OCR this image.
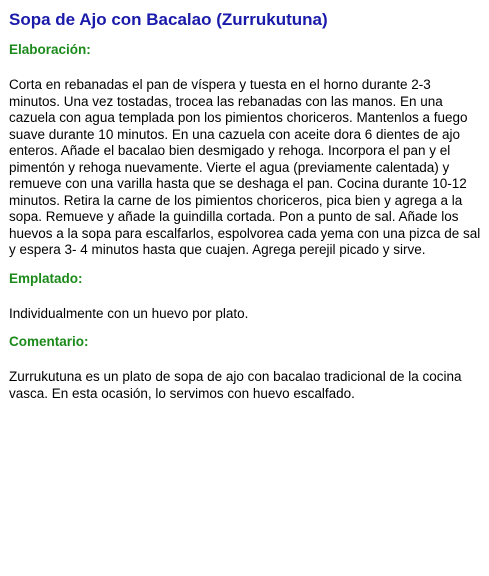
Sopa de Ajo con Bacalao (Zurrukutuna)
Elaboración:

Corta en rebanadas el pan de víspera y tuesta en el horno durante 2-3 minutos. Una vez tostadas, trocea las rebanadas con las manos. En una cazuela con agua templada pon los pimientos choriceros. Mantenlos a fuego suave durante 10 minutos. En una cazuela con aceite dora 6 dientes de ajo enteros. Añade el bacalao bien desmigado y rehoga. Incorpora el pan y el pimentón y rehoga nuevamente. Vierte el agua (previamente calentada) y remueve con una varilla hasta que se deshaga el pan. Cocina durante 10-12 minutos. Retira la carne de los pimientos choriceros, pica bien y agrega a la sopa. Remueve y añade la guindilla cortada. Pon a punto de sal. Añade los huevos a la sopa para escalfarlos, espolvorea cada yema con una pizca de sal y espera 3- 4 minutos hasta que cuajen. Agrega perejil picado y sirve.

Emplatado:

Individualmente con un huevo por plato.

Comentario:

Zurrukutuna es un plato de sopa de ajo con bacalao tradicional de la cocina vasca. En esta ocasión, lo servimos con huevo escalfado.
